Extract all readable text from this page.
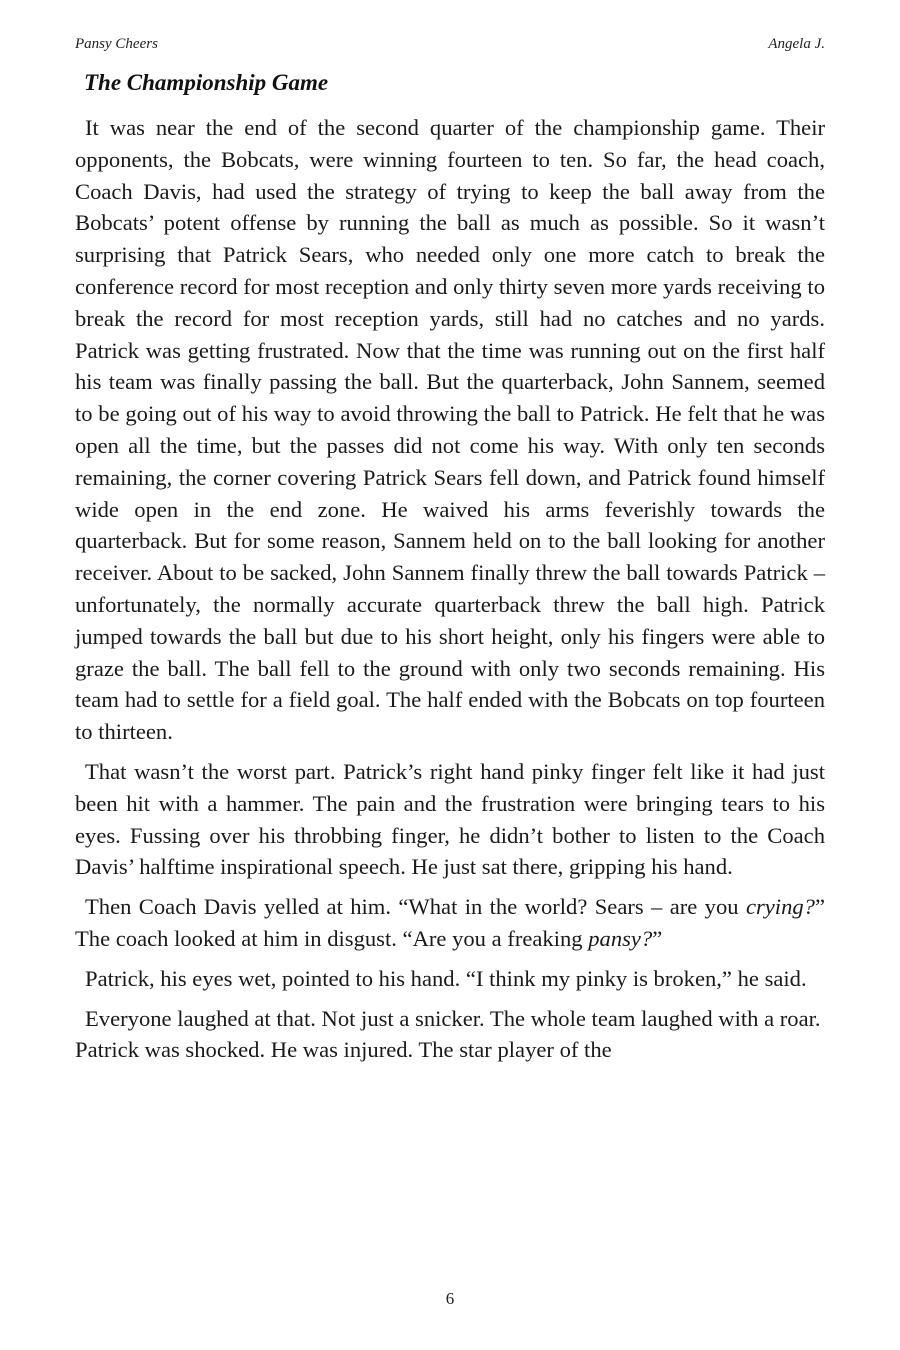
Pansy Cheers	Angela J.
The Championship Game

It was near the end of the second quarter of the championship game. Their opponents, the Bobcats, were winning fourteen to ten. So far, the head coach, Coach Davis, had used the strategy of trying to keep the ball away from the Bobcats’ potent offense by running the ball as much as possible. So it wasn’t surprising that Patrick Sears, who needed only one more catch to break the conference record for most reception and only thirty seven more yards receiving to break the record for most reception yards, still had no catches and no yards. Patrick was getting frustrated. Now that the time was running out on the first half his team was finally passing the ball. But the quarterback, John Sannem, seemed to be going out of his way to avoid throwing the ball to Patrick. He felt that he was open all the time, but the passes did not come his way. With only ten seconds remaining, the corner covering Patrick Sears fell down, and Patrick found himself wide open in the end zone. He waived his arms feverishly towards the quarterback. But for some reason, Sannem held on to the ball looking for another receiver. About to be sacked, John Sannem finally threw the ball towards Patrick – unfortunately, the normally accurate quarterback threw the ball high. Patrick jumped towards the ball but due to his short height, only his fingers were able to graze the ball. The ball fell to the ground with only two seconds remaining. His team had to settle for a field goal. The half ended with the Bobcats on top fourteen to thirteen.

That wasn’t the worst part. Patrick’s right hand pinky finger felt like it had just been hit with a hammer. The pain and the frustration were bringing tears to his eyes. Fussing over his throbbing finger, he didn’t bother to listen to the Coach Davis’ halftime inspirational speech. He just sat there, gripping his hand.

Then Coach Davis yelled at him. “What in the world? Sears – are you crying?” The coach looked at him in disgust. “Are you a freaking pansy?”

Patrick, his eyes wet, pointed to his hand. “I think my pinky is broken,” he said.

Everyone laughed at that. Not just a snicker. The whole team laughed with a roar. Patrick was shocked. He was injured. The star player of the

6
